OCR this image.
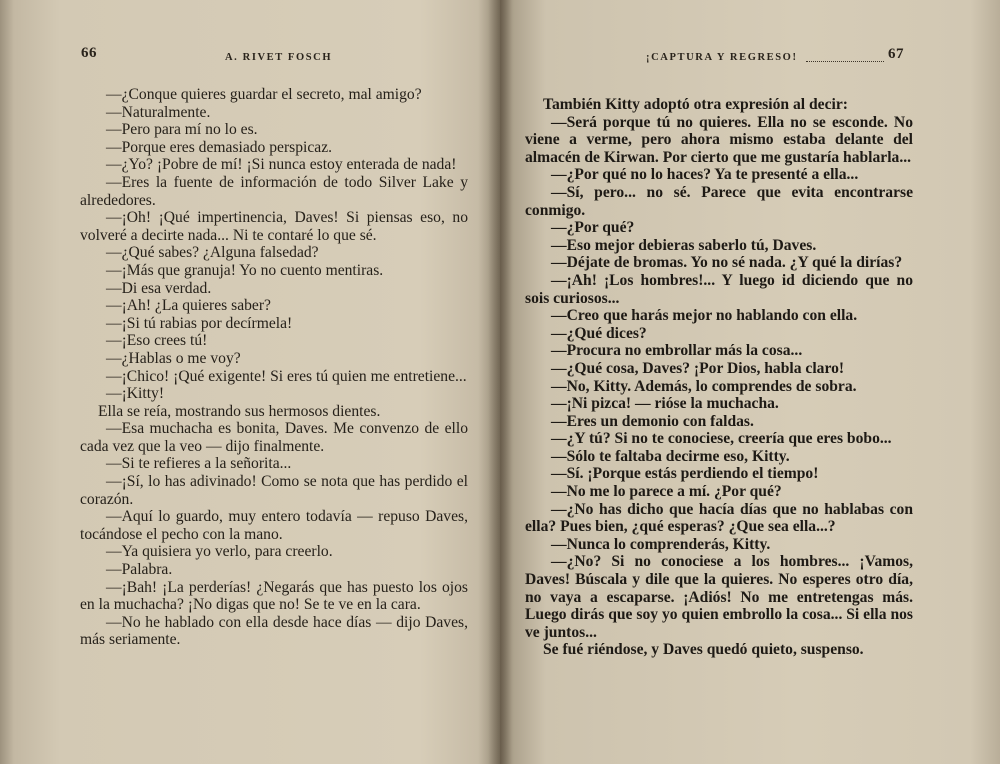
66	A. RIVET FOSCH

—¿Conque quieres guardar el secreto, mal amigo?

—Naturalmente.

—Pero para mí no lo es.

—Porque eres demasiado perspicaz.

—¿Yo? ¡Pobre de mí! ¡Si nunca estoy enterada de nada!

—Eres la fuente de información de todo Silver Lake y alrededores.

—¡Oh! ¡Qué impertinencia, Daves! Si piensas eso, no volveré a decirte nada... Ni te contaré lo que sé.

—¿Qué sabes? ¿Alguna falsedad?

—¡Más que granuja! Yo no cuento mentiras.

—Di esa verdad.

—¡Ah! ¿La quieres saber?

—¡Si tú rabias por decírmela!

—¡Eso crees tú!

—¿Hablas o me voy?

—¡Chico! ¡Qué exigente! Si eres tú quien me entretiene...

—¡Kitty!

Ella se reía, mostrando sus hermosos dientes.

—Esa muchacha es bonita, Daves. Me convenzo de ello cada vez que la veo — dijo finalmente.

—Si te refieres a la señorita...

—¡Sí, lo has adivinado! Como se nota que has perdido el corazón.

—Aquí lo guardo, muy entero todavía — repuso Daves, tocándose el pecho con la mano.

—Ya quisiera yo verlo, para creerlo.

—Palabra.

—¡Bah! ¡La perderías! ¿Negarás que has puesto los ojos en la muchacha? ¡No digas que no! Se te ve en la cara.

—No he hablado con ella desde hace días — dijo Daves, más seriamente.

¡CAPTURA Y REGRESO!	67

También Kitty adoptó otra expresión al decir:

—Será porque tú no quieres. Ella no se esconde. No viene a verme, pero ahora mismo estaba delante del almacén de Kirwan. Por cierto que me gustaría hablarla...

—¿Por qué no lo haces? Ya te presenté a ella...

—Sí, pero... no sé. Parece que evita encontrarse conmigo.

—¿Por qué?

—Eso mejor debieras saberlo tú, Daves.

—Déjate de bromas. Yo no sé nada. ¿Y qué la dirías?

—¡Ah! ¡Los hombres!... Y luego id diciendo que no sois curiosos...

—Creo que harás mejor no hablando con ella.

—¿Qué dices?

—Procura no embrollar más la cosa...

—¿Qué cosa, Daves? ¡Por Dios, habla claro!

—No, Kitty. Además, lo comprendes de sobra.

—¡Ni pizca! — rióse la muchacha.

—Eres un demonio con faldas.

—¿Y tú? Si no te conociese, creería que eres bobo...

—Sólo te faltaba decirme eso, Kitty.

—Sí. ¡Porque estás perdiendo el tiempo!

—No me lo parece a mí. ¿Por qué?

—¿No has dicho que hacía días que no hablabas con ella? Pues bien, ¿qué esperas? ¿Que sea ella...?

—Nunca lo comprenderás, Kitty.

—¿No? Si no conociese a los hombres... ¡Vamos, Daves! Búscala y dile que la quieres. No esperes otro día, no vaya a escaparse. ¡Adiós! No me entretengas más. Luego dirás que soy yo quien embrollo la cosa... Si ella nos ve juntos...

Se fué riéndose, y Daves quedó quieto, suspenso.
